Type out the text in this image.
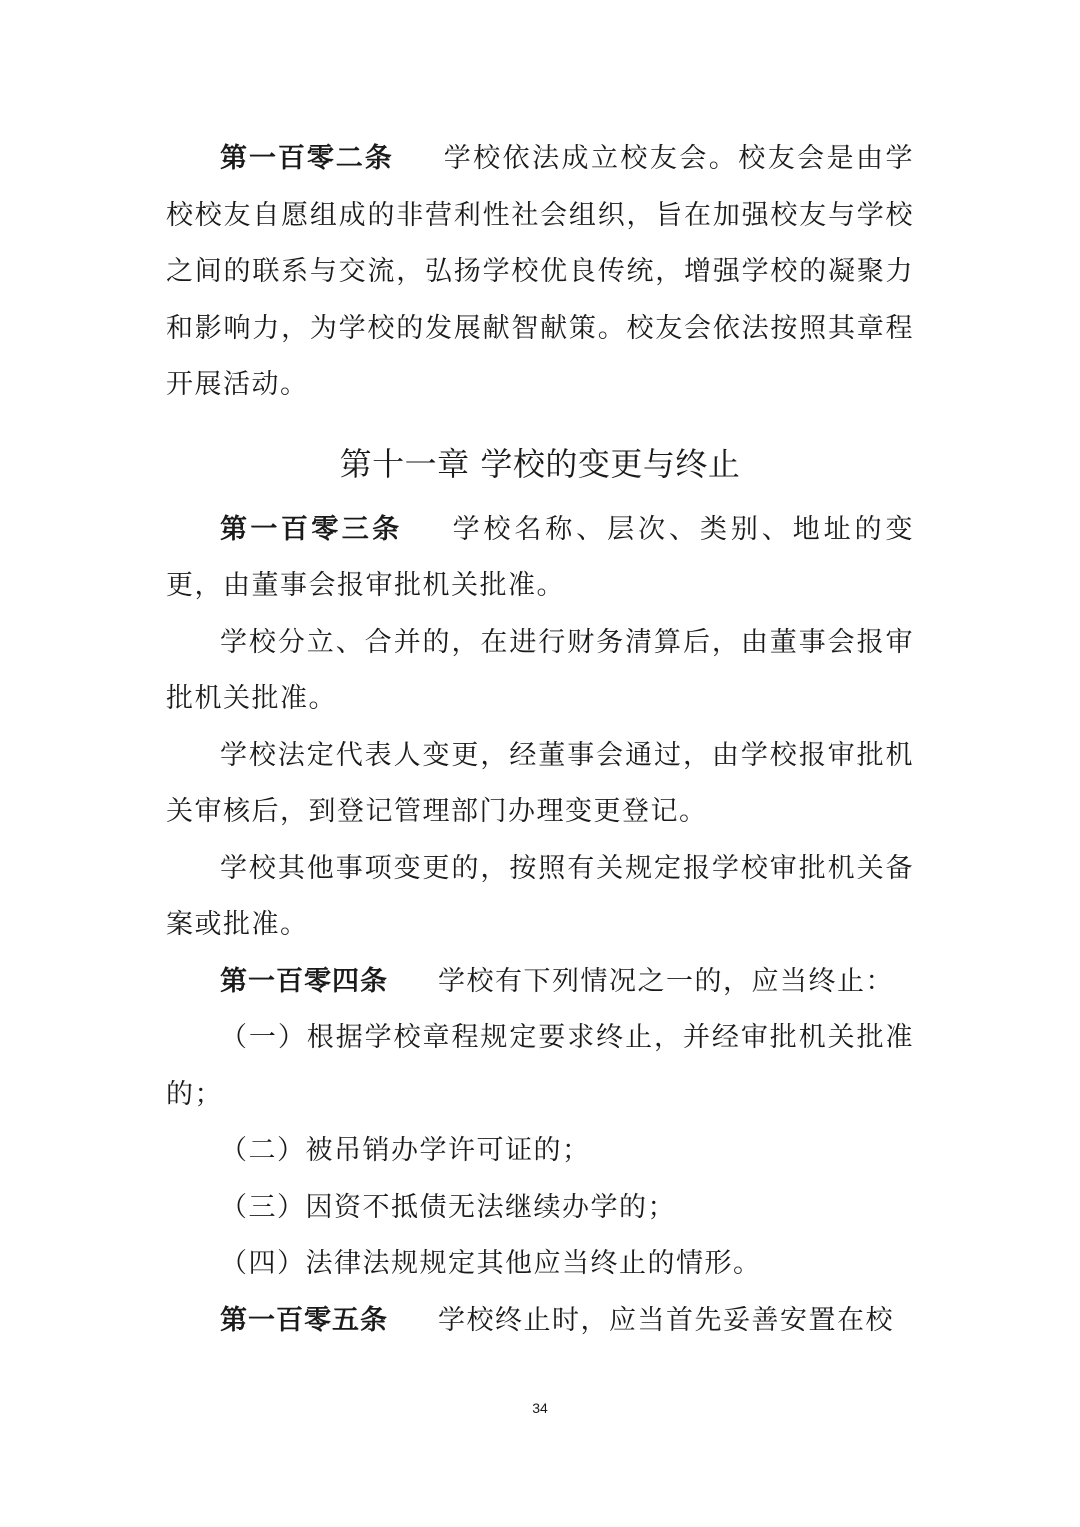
第一百零二条 学校依法成立校友会。校友会是由学校校友自愿组成的非营利性社会组织，旨在加强校友与学校之间的联系与交流，弘扬学校优良传统，增强学校的凝聚力和影响力，为学校的发展献智献策。校友会依法按照其章程开展活动。

第十一章 学校的变更与终止

第一百零三条 学校名称、层次、类别、地址的变更，由董事会报审批机关批准。

学校分立、合并的，在进行财务清算后，由董事会报审批机关批准。

学校法定代表人变更，经董事会通过，由学校报审批机关审核后，到登记管理部门办理变更登记。

学校其他事项变更的，按照有关规定报学校审批机关备案或批准。

第一百零四条 学校有下列情况之一的，应当终止：

（一）根据学校章程规定要求终止，并经审批机关批准的；

（二）被吊销办学许可证的；

（三）因资不抵债无法继续办学的；

（四）法律法规规定其他应当终止的情形。

第一百零五条 学校终止时，应当首先妥善安置在校

34
